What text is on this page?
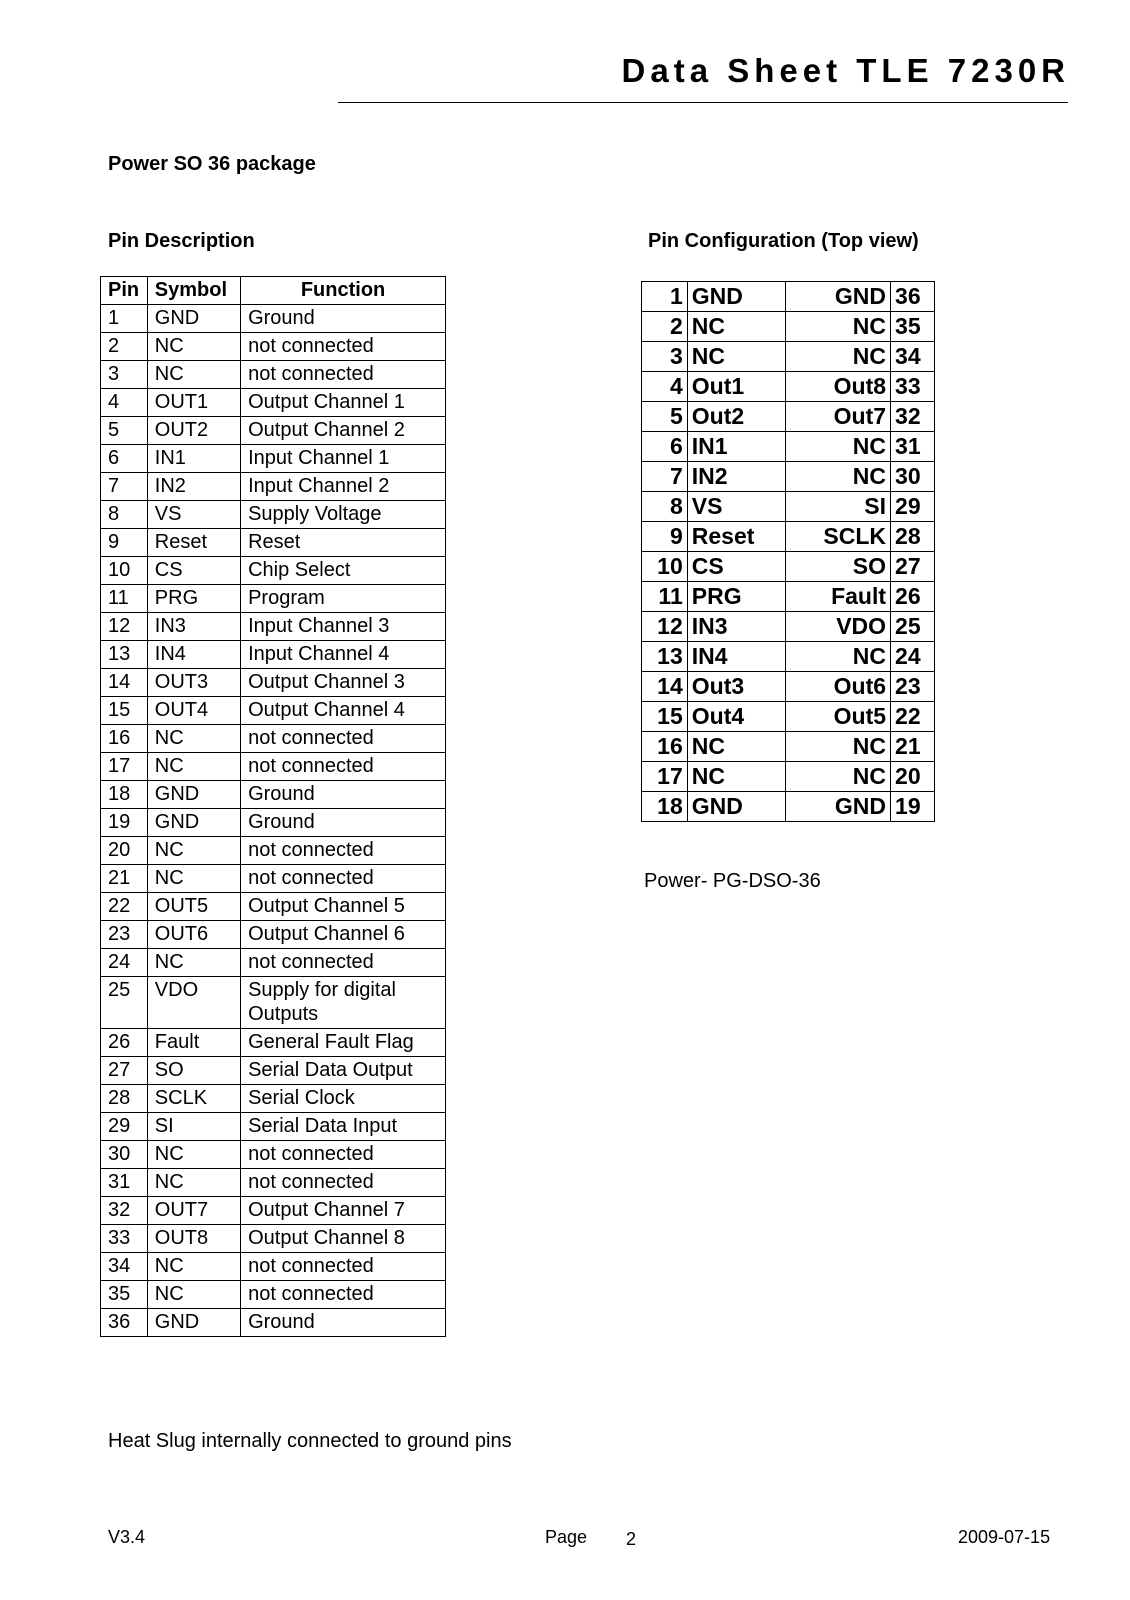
Data Sheet TLE 7230R
Power SO 36 package
Pin Description	Pin Configuration (Top view)
Pin	Symbol	Function
1	GND	Ground
2	NC	not connected
3	NC	not connected
4	OUT1	Output Channel 1
5	OUT2	Output Channel 2
6	IN1	Input Channel 1
7	IN2	Input Channel 2
8	VS	Supply Voltage
9	Reset	Reset
10	CS	Chip Select
11	PRG	Program
12	IN3	Input Channel 3
13	IN4	Input Channel 4
14	OUT3	Output Channel 3
15	OUT4	Output Channel 4
16	NC	not connected
17	NC	not connected
18	GND	Ground
19	GND	Ground
20	NC	not connected
21	NC	not connected
22	OUT5	Output Channel 5
23	OUT6	Output Channel 6
24	NC	not connected
25	VDO	Supply for digital Outputs
26	Fault	General Fault Flag
27	SO	Serial Data Output
28	SCLK	Serial Clock
29	SI	Serial Data Input
30	NC	not connected
31	NC	not connected
32	OUT7	Output Channel 7
33	OUT8	Output Channel 8
34	NC	not connected
35	NC	not connected
36	GND	Ground
1	GND	GND	36
2	NC	NC	35
3	NC	NC	34
4	Out1	Out8	33
5	Out2	Out7	32
6	IN1	NC	31
7	IN2	NC	30
8	VS	SI	29
9	Reset	SCLK	28
10	CS	SO	27
11	PRG	Fault	26
12	IN3	VDO	25
13	IN4	NC	24
14	Out3	Out6	23
15	Out4	Out5	22
16	NC	NC	21
17	NC	NC	20
18	GND	GND	19
Power- PG-DSO-36
Heat Slug internally connected to ground pins
V3.4	Page 2	2009-07-15
